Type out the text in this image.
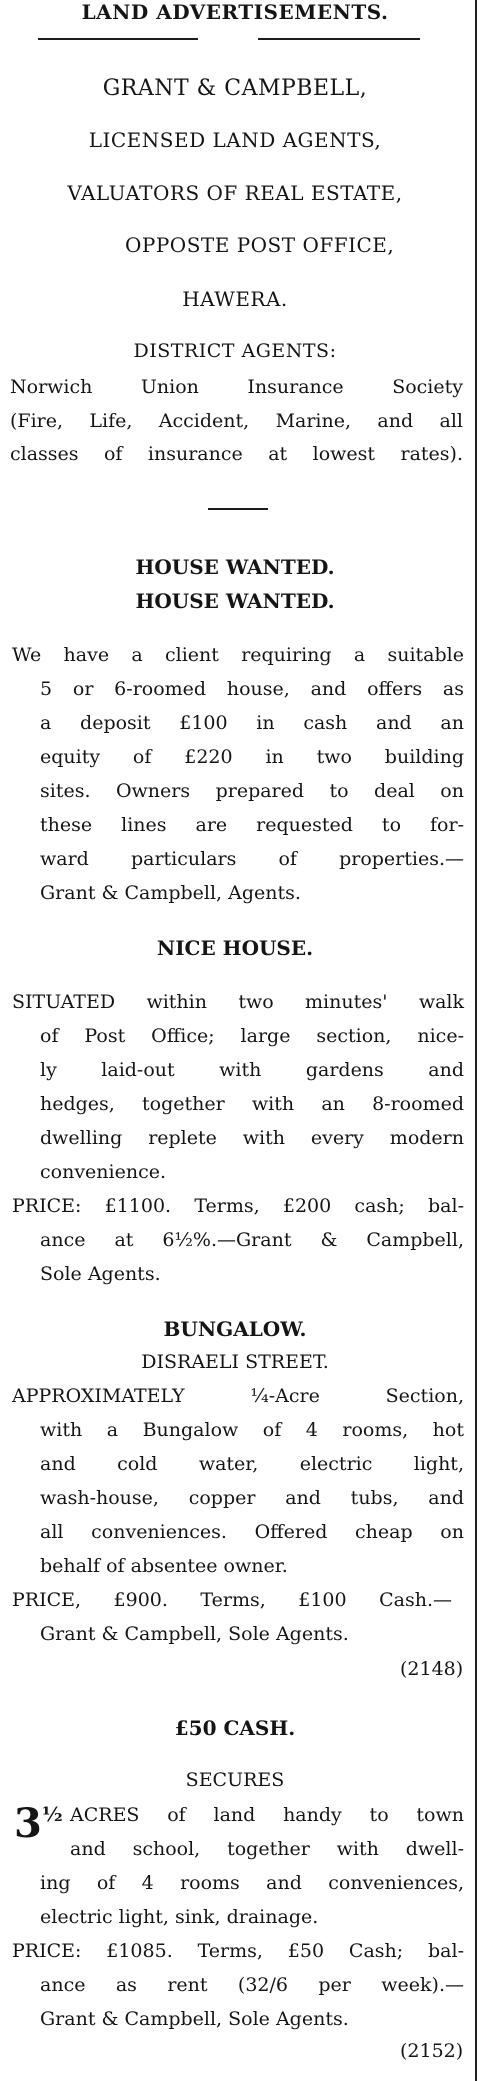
LAND ADVERTISEMENTS.
GRANT & CAMPBELL,
LICENSED LAND AGENTS,
VALUATORS OF REAL ESTATE,
OPPOSTE POST OFFICE,
HAWERA.
DISTRICT AGENTS:
Norwich Union Insurance Society
(Fire, Life, Accident, Marine, and all
classes of insurance at lowest rates).
HOUSE WANTED.
HOUSE WANTED.
We have a client requiring a suitable
5 or 6-roomed house, and offers as
a deposit £100 in cash and an
equity of £220 in two building
sites. Owners prepared to deal on
these lines are requested to for-
ward particulars of properties.—
Grant & Campbell, Agents.
NICE HOUSE.
SITUATED within two minutes' walk
of Post Office; large section, nice-
ly laid-out with gardens and
hedges, together with an 8-roomed
dwelling replete with every modern
convenience.
PRICE: £1100. Terms, £200 cash; bal-
ance at 6½%.—Grant & Campbell,
Sole Agents.
BUNGALOW.
DISRAELI STREET.
APPROXIMATELY ¼-Acre Section,
with a Bungalow of 4 rooms, hot
and cold water, electric light,
wash-house, copper and tubs, and
all conveniences. Offered cheap on
behalf of absentee owner.
PRICE, £900. Terms, £100 Cash.—
Grant & Campbell, Sole Agents.
(2148)
£50 CASH.
SECURES
$3^{\frac{1}{2}}$ ACRES of land handy to town
and school, together with dwell-
ing of 4 rooms and conveniences,
electric light, sink, drainage.
PRICE: £1085. Terms, £50 Cash; bal-
ance as rent (32/6 per week).—
Grant & Campbell, Sole Agents.
(2152)
